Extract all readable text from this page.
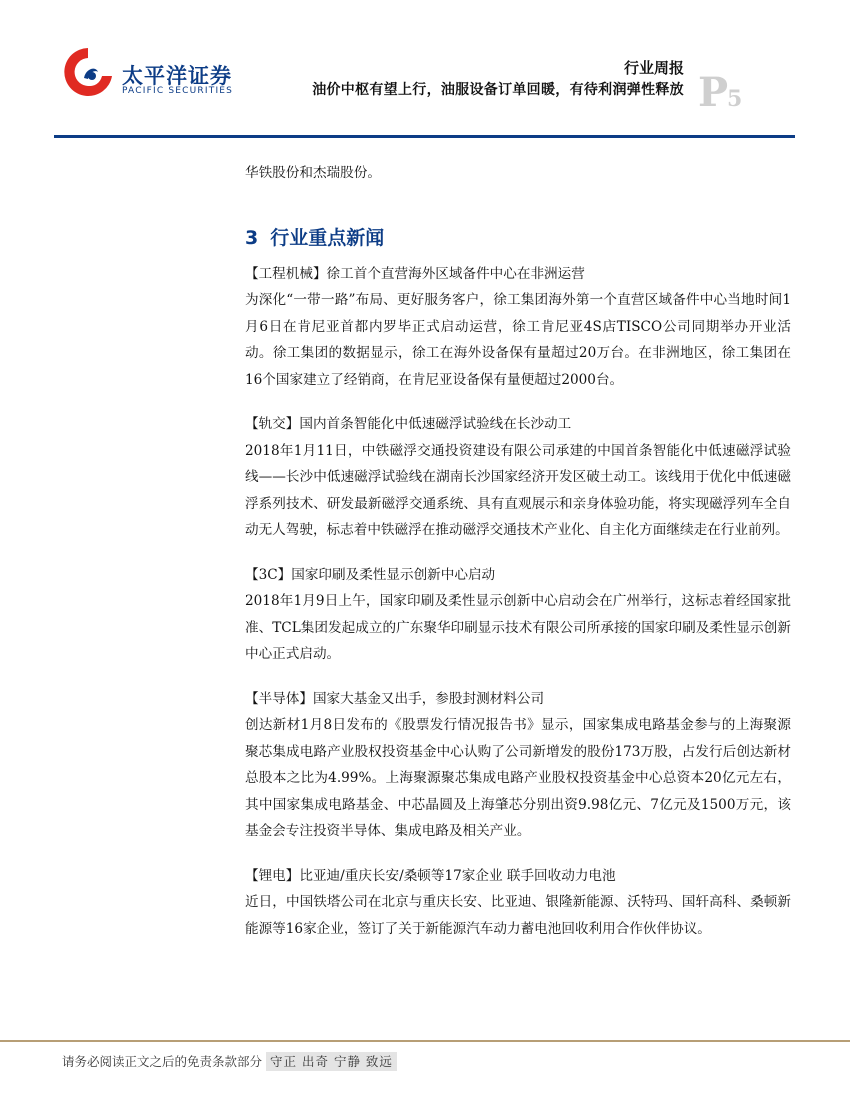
太平洋证券
PACIFIC SECURITIES
行业周报
油价中枢有望上行，油服设备订单回暖，有待利润弹性释放 P
5

华铁股份和杰瑞股份。

3 行业重点新闻

【工程机械】徐工首个直营海外区域备件中心在非洲运营

为深化“一带一路”布局、更好服务客户，徐工集团海外第一个直营区域备件中心当地时间1月6日在肯尼亚首都内罗毕正式启动运营，徐工肯尼亚4S店TISCO公司同期举办开业活动。徐工集团的数据显示，徐工在海外设备保有量超过20万台。在非洲地区，徐工集团在16个国家建立了经销商，在肯尼亚设备保有量便超过2000台。

【轨交】国内首条智能化中低速磁浮试验线在长沙动工

2018年1月11日，中铁磁浮交通投资建设有限公司承建的中国首条智能化中低速磁浮试验线——长沙中低速磁浮试验线在湖南长沙国家经济开发区破土动工。该线用于优化中低速磁浮系列技术、研发最新磁浮交通系统、具有直观展示和亲身体验功能，将实现磁浮列车全自动无人驾驶，标志着中铁磁浮在推动磁浮交通技术产业化、自主化方面继续走在行业前列。

【3C】国家印刷及柔性显示创新中心启动

2018年1月9日上午，国家印刷及柔性显示创新中心启动会在广州举行，这标志着经国家批准、TCL集团发起成立的广东聚华印刷显示技术有限公司所承接的国家印刷及柔性显示创新中心正式启动。

【半导体】国家大基金又出手，参股封测材料公司

创达新材1月8日发布的《股票发行情况报告书》显示，国家集成电路基金参与的上海聚源聚芯集成电路产业股权投资基金中心认购了公司新增发的股份173万股，占发行后创达新材总股本之比为4.99%。上海聚源聚芯集成电路产业股权投资基金中心总资本20亿元左右，其中国家集成电路基金、中芯晶圆及上海肇芯分别出资9.98亿元、7亿元及1500万元，该基金会专注投资半导体、集成电路及相关产业。

【锂电】比亚迪/重庆长安/桑顿等17家企业 联手回收动力电池

近日，中国铁塔公司在北京与重庆长安、比亚迪、银隆新能源、沃特玛、国轩高科、桑顿新能源等16家企业，签订了关于新能源汽车动力蓄电池回收利用合作伙伴协议。

请务必阅读正文之后的免责条款部分 守正 出奇 宁静 致远
